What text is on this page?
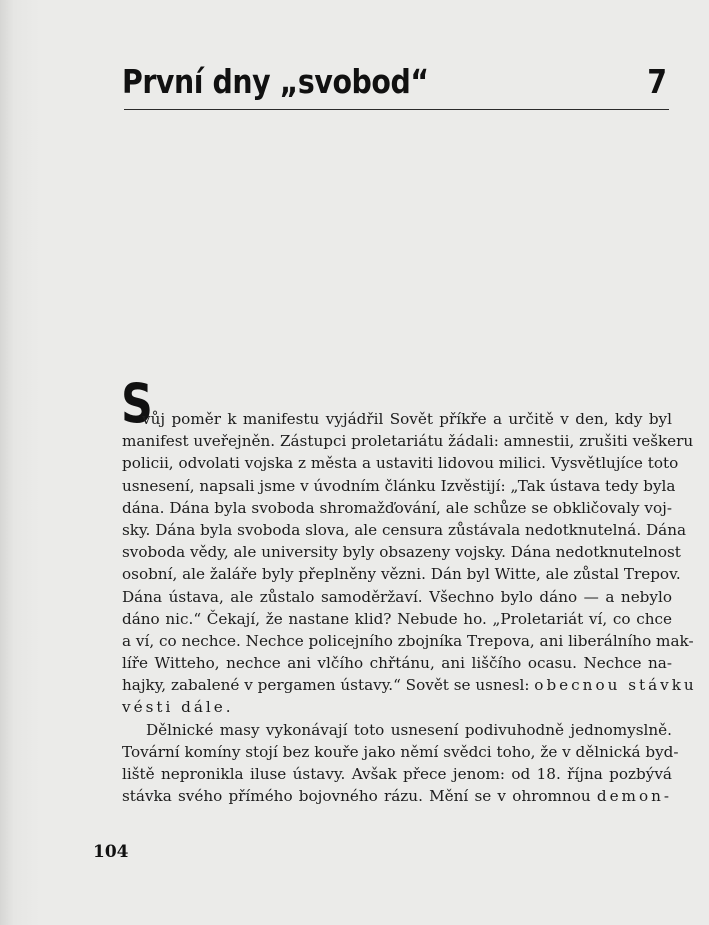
První dny „svobod“	7
S
vůj poměr k manifestu vyjádřil Sovět příkře a určitě v den, kdy byl
manifest uveřejněn. Zástupci proletariátu žádali: amnestii, zrušiti veškeru
policii, odvolati vojska z města a ustaviti lidovou milici. Vysvětlujíce toto
usnesení, napsali jsme v úvodním článku Izvěstijí: „Tak ústava tedy byla
dána. Dána byla svoboda shromažďování, ale schůze se obkličovaly voj-
sky. Dána byla svoboda slova, ale censura zůstávala nedotknutelná. Dána
svoboda vědy, ale university byly obsazeny vojsky. Dána nedotknutelnost
osobní, ale žaláře byly přeplněny vězni. Dán byl Witte, ale zůstal Trepov.
Dána ústava, ale zůstalo samoděržaví. Všechno bylo dáno — a nebylo
dáno nic.“ Čekají, že nastane klid? Nebude ho. „Proletariát ví, co chce
a ví, co nechce. Nechce policejního zbojníka Trepova, ani liberálního mak-
líře Witteho, nechce ani vlčího chřtánu, ani liščího ocasu. Nechce na-
hajky, zabalené v pergamen ústavy.“ Sovět se usnesl: obecnou stávku
vésti dále.
Dělnické masy vykonávají toto usnesení podivuhodně jednomyslně.
Tovární komíny stojí bez kouře jako němí svědci toho, že v dělnická byd-
liště nepronikla iluse ústavy. Avšak přece jenom: od 18. října pozbývá
stávka svého přímého bojovného rázu. Mění se v ohromnou demon-
104
